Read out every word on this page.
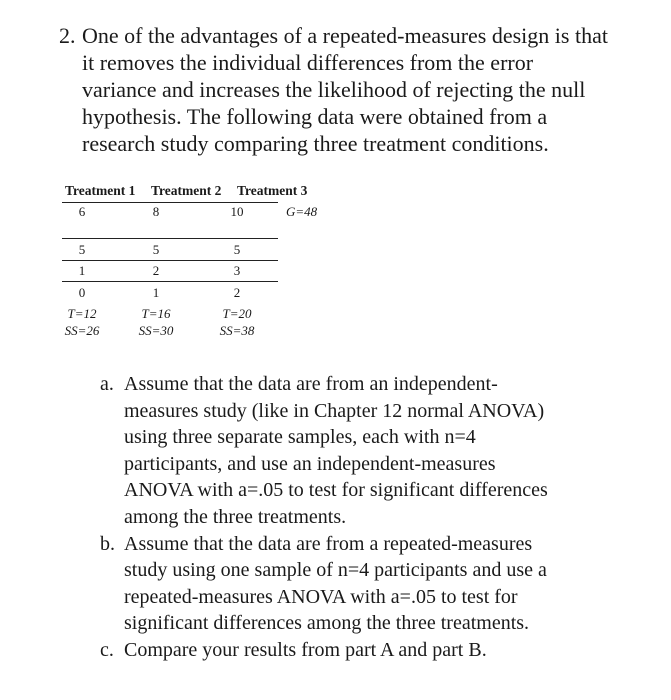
2. One of the advantages of a repeated-measures design is that
it removes the individual differences from the error
variance and increases the likelihood of rejecting the null
hypothesis. The following data were obtained from a
research study comparing three treatment conditions.
Treatment 1 Treatment 2 Treatment 3
6	8	10	G=48
5	5	5
1	2	3
0	1	2
T=12	T=16	T=20
SS=26	SS=30	SS=38
a. Assume that the data are from an independent-
measures study (like in Chapter 12 normal ANOVA)
using three separate samples, each with n=4
participants, and use an independent-measures
ANOVA with a=.05 to test for significant differences
among the three treatments.
b. Assume that the data are from a repeated-measures
study using one sample of n=4 participants and use a
repeated-measures ANOVA with a=.05 to test for
significant differences among the three treatments.
c. Compare your results from part A and part B.
